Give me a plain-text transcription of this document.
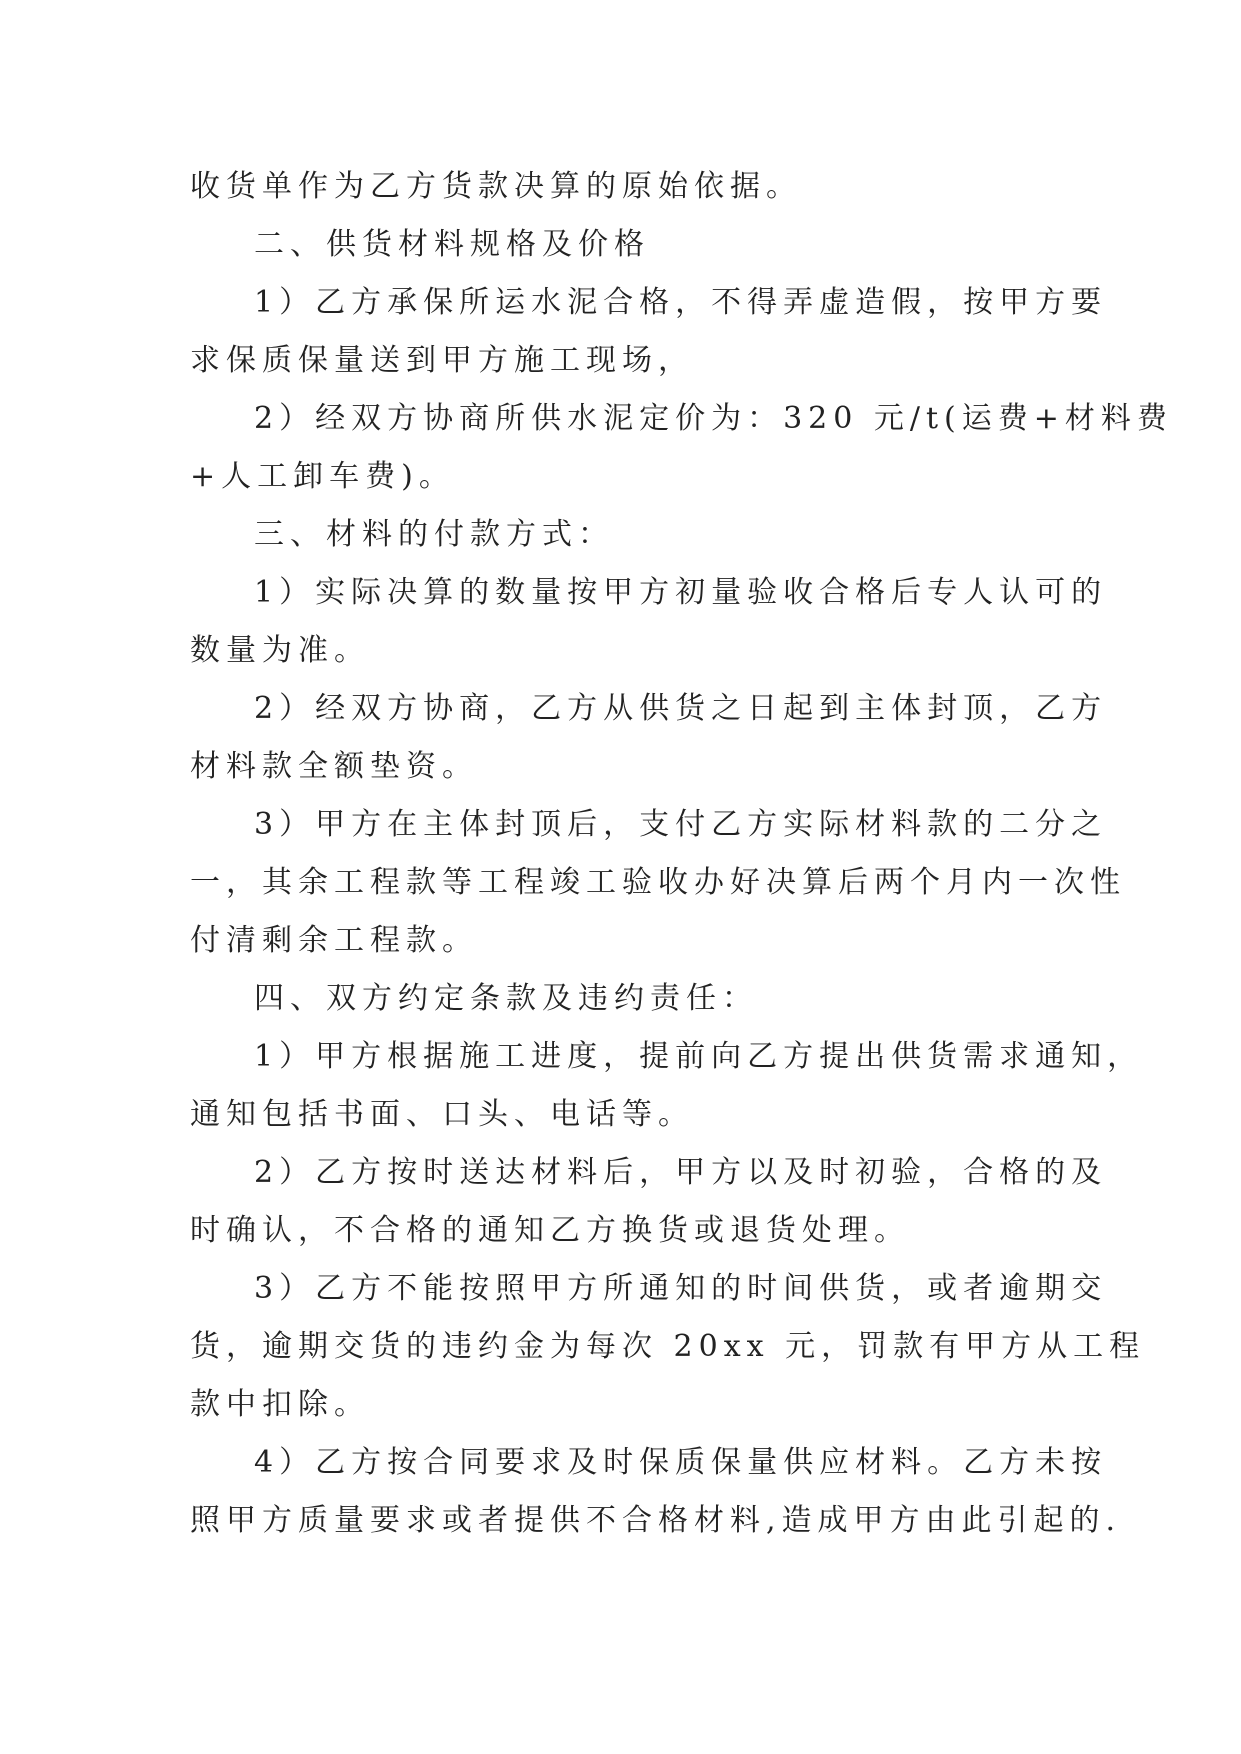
收货单作为乙方货款决算的原始依据。
二、供货材料规格及价格
1）乙方承保所运水泥合格，不得弄虚造假，按甲方要
求保质保量送到甲方施工现场，
2）经双方协商所供水泥定价为：320 元/t(运费+材料费
+人工卸车费)。
三、材料的付款方式：
1）实际决算的数量按甲方初量验收合格后专人认可的
数量为准。
2）经双方协商，乙方从供货之日起到主体封顶，乙方
材料款全额垫资。
3）甲方在主体封顶后，支付乙方实际材料款的二分之
一，其余工程款等工程竣工验收办好决算后两个月内一次性
付清剩余工程款。
四、双方约定条款及违约责任：
1）甲方根据施工进度，提前向乙方提出供货需求通知，
通知包括书面、口头、电话等。
2）乙方按时送达材料后，甲方以及时初验，合格的及
时确认，不合格的通知乙方换货或退货处理。
3）乙方不能按照甲方所通知的时间供货，或者逾期交
货，逾期交货的违约金为每次 20xx 元，罚款有甲方从工程
款中扣除。
4）乙方按合同要求及时保质保量供应材料。乙方未按
照甲方质量要求或者提供不合格材料,造成甲方由此引起的.
